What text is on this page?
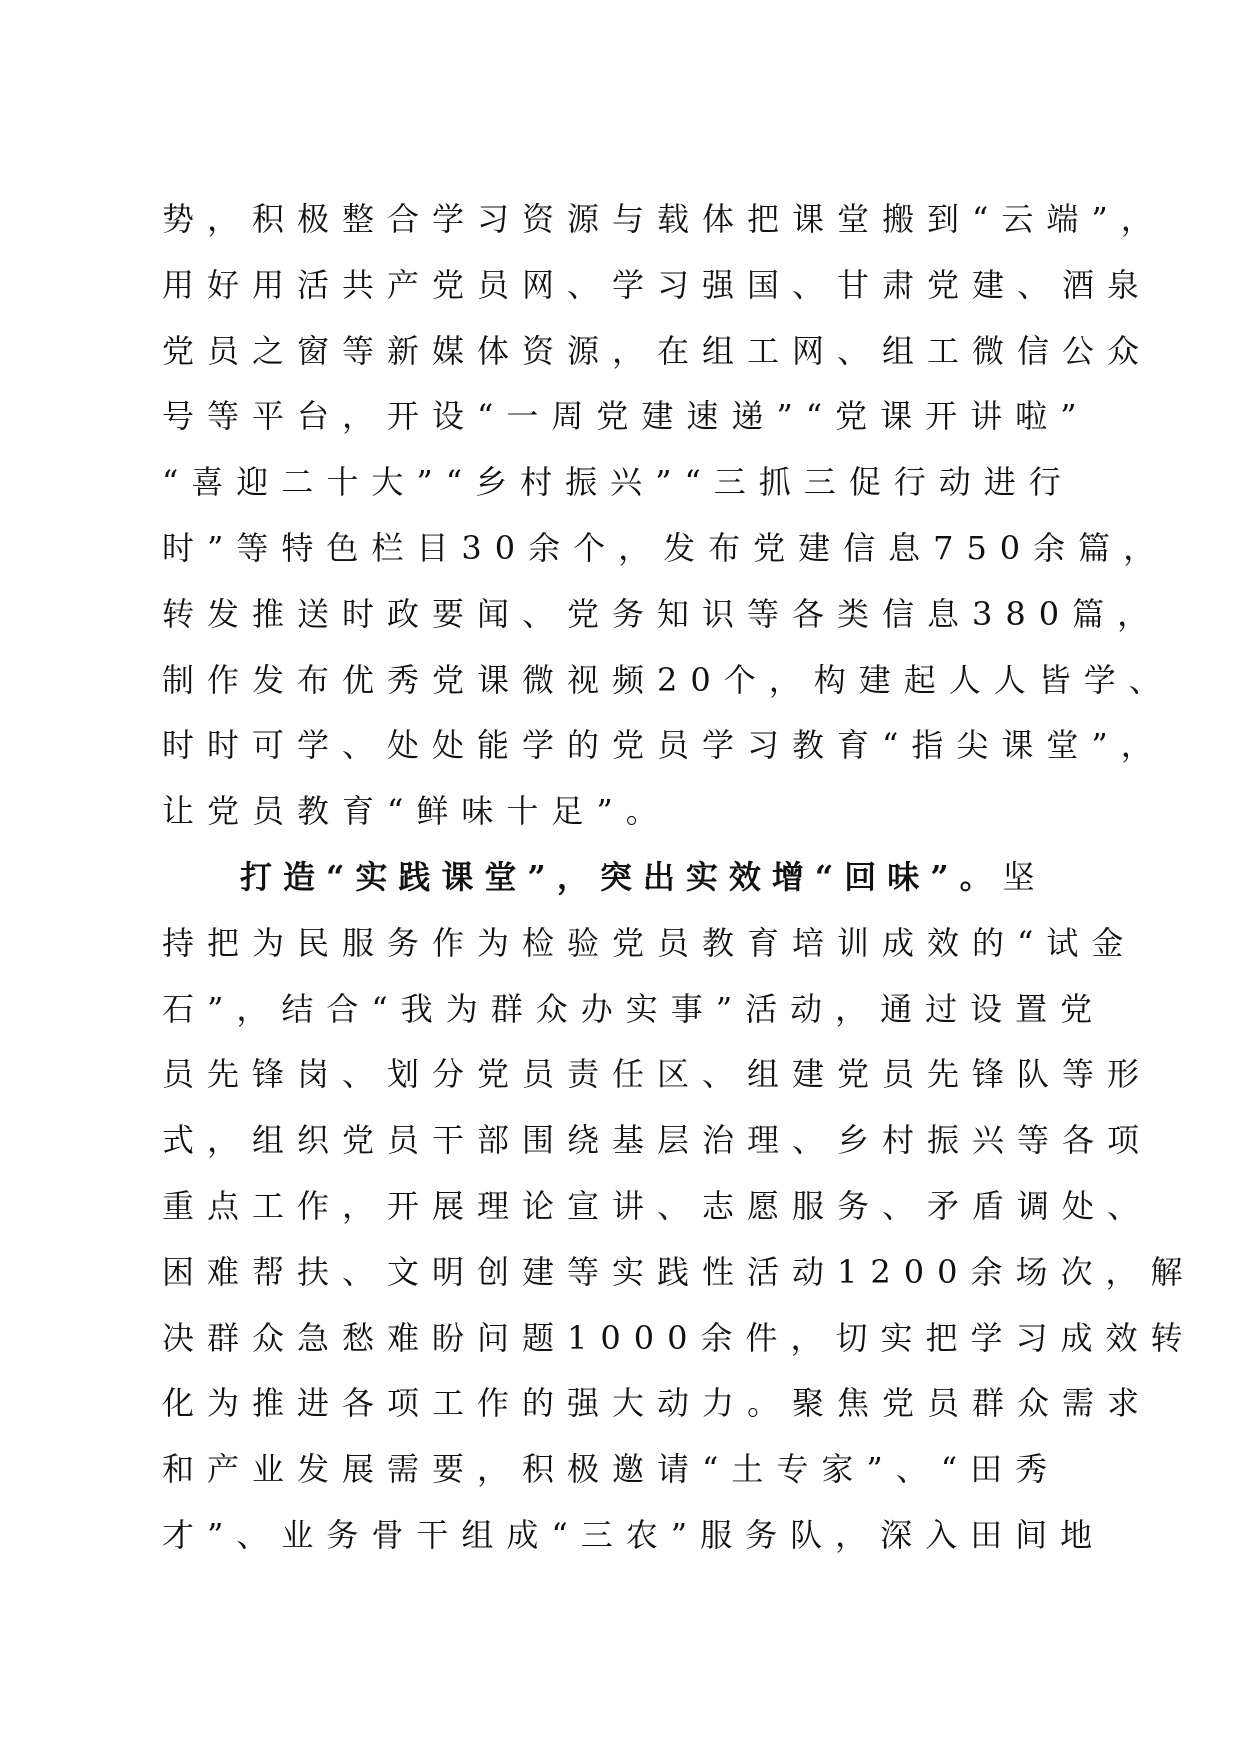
势，积极整合学习资源与载体把课堂搬到“云端”，
用好用活共产党员网、学习强国、甘肃党建、酒泉
党员之窗等新媒体资源，在组工网、组工微信公众
号等平台，开设“一周党建速递”“党课开讲啦”
“喜迎二十大”“乡村振兴”“三抓三促行动进行
时”等特色栏目30余个，发布党建信息750余篇，
转发推送时政要闻、党务知识等各类信息380篇，
制作发布优秀党课微视频20个，构建起人人皆学、
时时可学、处处能学的党员学习教育“指尖课堂”，
让党员教育“鲜味十足”。
打造“实践课堂”，突出实效增“回味”。坚
持把为民服务作为检验党员教育培训成效的“试金
石”，结合“我为群众办实事”活动，通过设置党
员先锋岗、划分党员责任区、组建党员先锋队等形
式，组织党员干部围绕基层治理、乡村振兴等各项
重点工作，开展理论宣讲、志愿服务、矛盾调处、
困难帮扶、文明创建等实践性活动1200余场次，解
决群众急愁难盼问题1000余件，切实把学习成效转
化为推进各项工作的强大动力。聚焦党员群众需求
和产业发展需要，积极邀请“土专家”、“田秀
才”、业务骨干组成“三农”服务队，深入田间地
